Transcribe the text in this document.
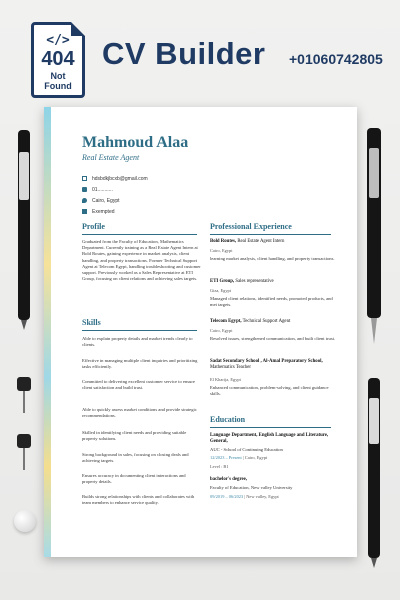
</>
404
Not
Found
CV Builder +01060742805
Mahmoud Alaa
Real Estate Agent
hdsbdkjbcxb@gmail.com
01...........
Cairo, Egypt
Exempted
Profile
Graduated from the Faculty of Education, Mathematics Department. Currently training as a Real Estate Agent Intern at Bold Routes, gaining experience in market analysis, client handling, and property transactions. Former Technical Support Agent at Telecom Egypt, handling troubleshooting and customer support. Previously worked as a Sales Representative at ETI Group, focusing on client relations and achieving sales targets.
Skills
Able to explain property details and market trends clearly to clients.
Effective in managing multiple client inquiries and prioritizing tasks efficiently.
Committed to delivering excellent customer service to ensure client satisfaction and build trust.
Able to quickly assess market conditions and provide strategic recommendations.
Skilled in identifying client needs and providing suitable property solutions.
Strong background in sales, focusing on closing deals and achieving targets.
Ensures accuracy in documenting client interactions and property details.
Builds strong relationships with clients and collaborates with team members to enhance service quality.
Professional Experience
Bold Routes, Real Estate Agent Intern
Cairo, Egypt
learning market analysis, client handling, and property transactions.
ETI Group, Sales representative
Giza, Egypt
Managed client relations, identified needs, promoted products, and met targets.
Telecom Egypt, Technical Support Agent
Cairo, Egypt
Resolved issues, strengthened communication, and built client trust.
Sadat Secondary School , Al-Amal Preparatory School, Mathematics Teacher
El Kharija, Egypt
Enhanced communication, problem-solving, and client guidance skills.
Education
Language Department, English Language and Literature, General,
AUC - School of Continuing Education
12/2023 – Present | Cairo, Egypt
Level : B1
bachelor's degree,
Faculty of Education, New valley University
09/2019 – 06/2023 | New valley, Egypt
